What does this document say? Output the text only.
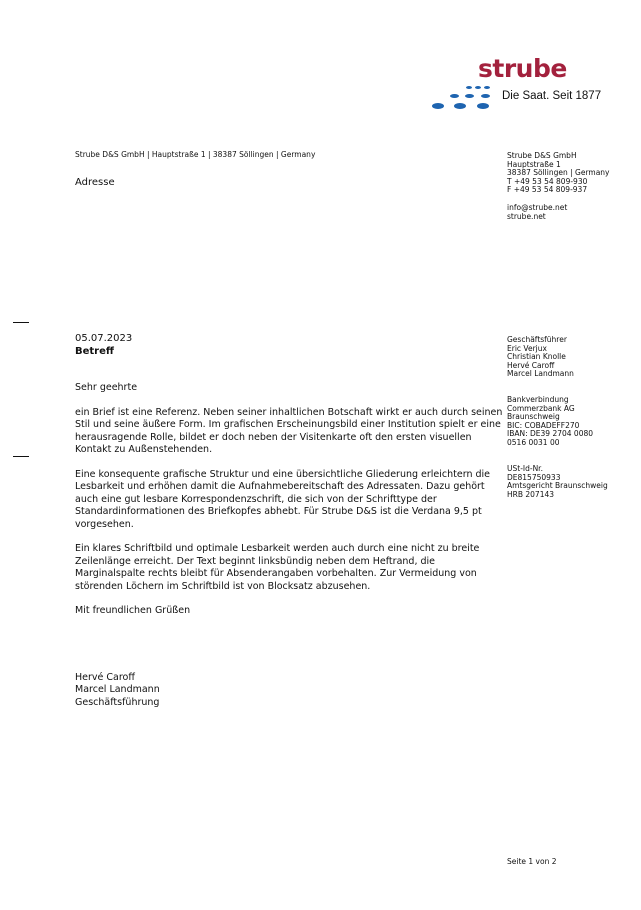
strube
Die Saat. Seit 1877
Strube D&S GmbH | Hauptstraße 1 | 38387 Söllingen | Germany
Adresse
Strube D&S GmbH
Hauptstraße 1
38387 Söllingen | Germany
T +49 53 54 809-930
F +49 53 54 809-937
info@strube.net
strube.net
Geschäftsführer
Eric Verjux
Christian Knolle
Hervé Caroff
Marcel Landmann
Bankverbindung
Commerzbank AG
Braunschweig
BIC: COBADEFF270
IBAN: DE39 2704 0080
0516 0031 00
USt-Id-Nr.
DE815750933
Amtsgericht Braunschweig
HRB 207143
05.07.2023
Betreff
Sehr geehrte

ein Brief ist eine Referenz. Neben seiner inhaltlichen Botschaft wirkt er auch durch seinen Stil und seine äußere Form. Im grafischen Erscheinungsbild einer Institution spielt er eine herausragende Rolle, bildet er doch neben der Visitenkarte oft den ersten visuellen Kontakt zu Außenstehenden.

Eine konsequente grafische Struktur und eine übersichtliche Gliederung erleichtern die Lesbarkeit und erhöhen damit die Aufnahmebereitschaft des Adressaten. Dazu gehört auch eine gut lesbare Korrespondenzschrift, die sich von der Schrifttype der Standardinformationen des Briefkopfes abhebt. Für Strube D&S ist die Verdana 9,5 pt vorgesehen.

Ein klares Schriftbild und optimale Lesbarkeit werden auch durch eine nicht zu breite Zeilenlänge erreicht. Der Text beginnt linksbündig neben dem Heftrand, die Marginalspalte rechts bleibt für Absenderangaben vorbehalten. Zur Vermeidung von störenden Löchern im Schriftbild ist von Blocksatz abzusehen.

Mit freundlichen Grüßen

Hervé Caroff
Marcel Landmann
Geschäftsführung
Seite 1 von 2
